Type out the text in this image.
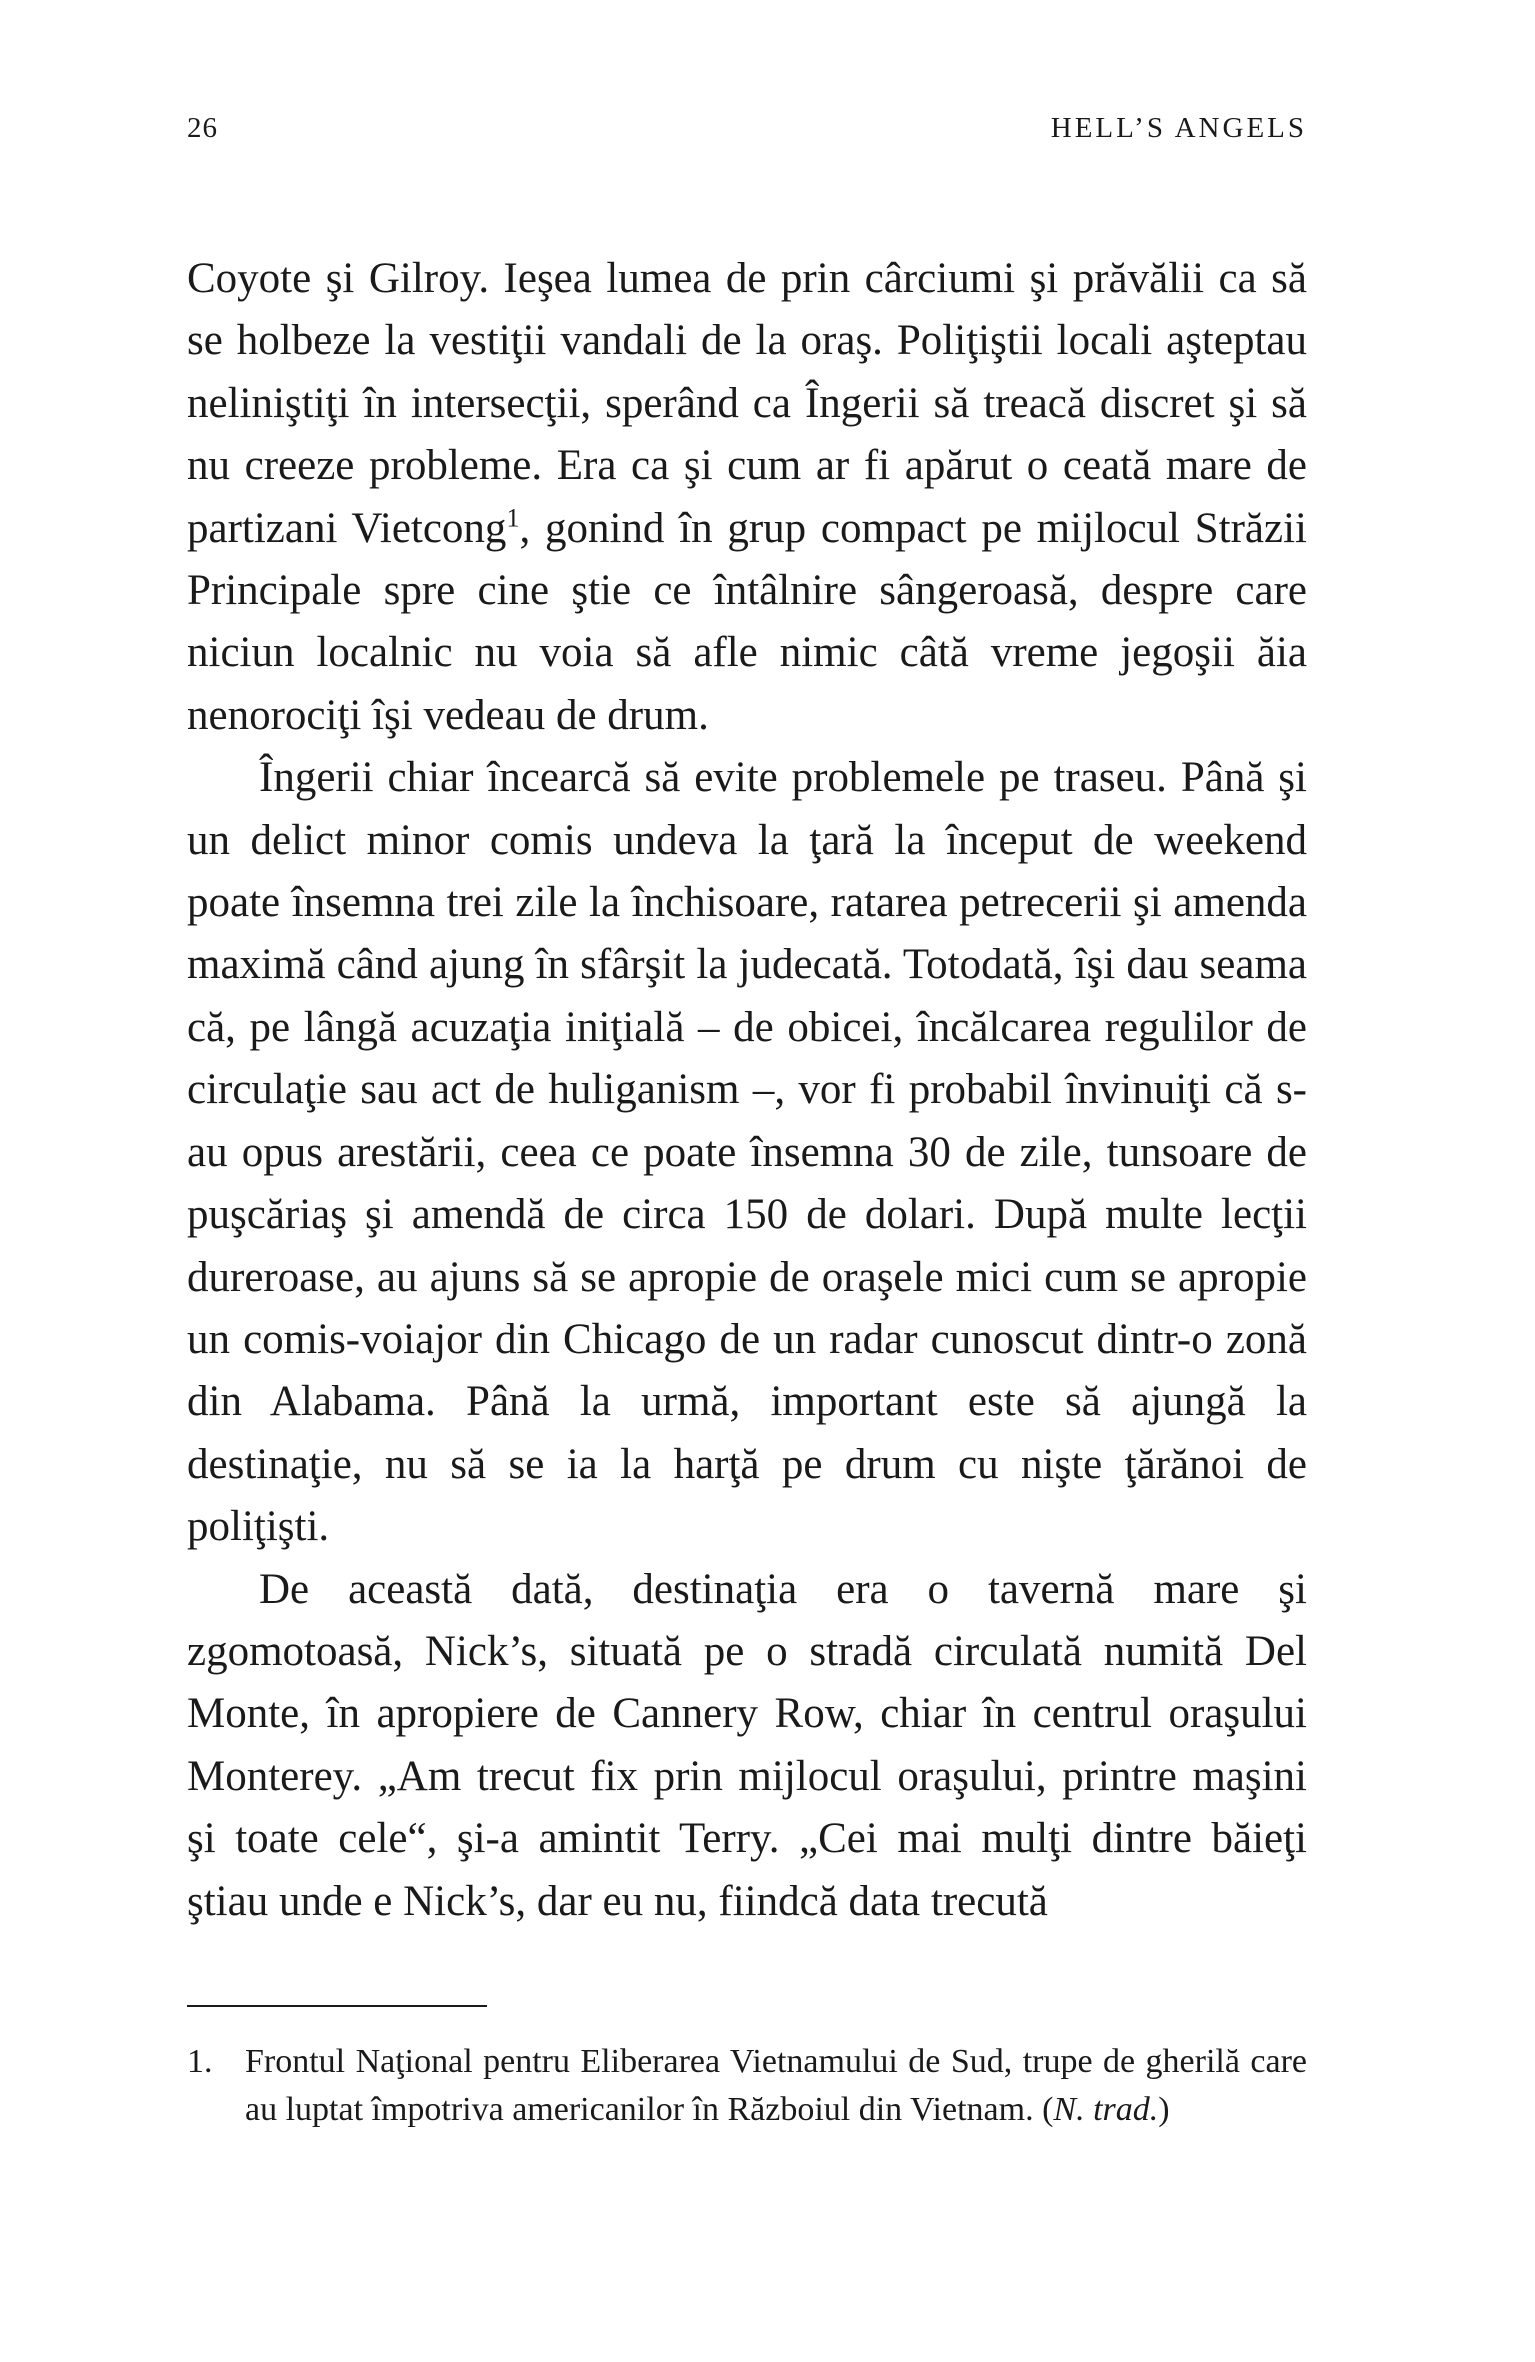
26	HELL’S ANGELS

Coyote şi Gilroy. Ieşea lumea de prin cârciumi şi prăvălii ca să se holbeze la vestiţii vandali de la oraş. Poliţiştii locali aşteptau neliniştiţi în intersecţii, sperând ca Îngerii să treacă discret şi să nu creeze probleme. Era ca şi cum ar fi apărut o ceată mare de partizani Vietcong$^1$, gonind în grup compact pe mijlocul Străzii Principale spre cine ştie ce întâlnire sângeroasă, despre care niciun localnic nu voia să afle nimic câtă vreme jegoşii ăia nenorociţi îşi vedeau de drum.

Îngerii chiar încearcă să evite problemele pe traseu. Până şi un delict minor comis undeva la ţară la început de weekend poate însemna trei zile la închisoare, ratarea petrecerii şi amenda maximă când ajung în sfârşit la judecată. Totodată, îşi dau seama că, pe lângă acuzaţia iniţială – de obicei, încălcarea regulilor de circulaţie sau act de huliganism –, vor fi probabil învinuiţi că s-au opus arestării, ceea ce poate însemna 30 de zile, tunsoare de puşcăriaş şi amendă de circa 150 de dolari. După multe lecţii dureroase, au ajuns să se apropie de oraşele mici cum se apropie un comis-voiajor din Chicago de un radar cunoscut dintr-o zonă din Alabama. Până la urmă, important este să ajungă la destinaţie, nu să se ia la harţă pe drum cu nişte ţărănoi de poliţişti.

De această dată, destinaţia era o tavernă mare şi zgomotoasă, Nick’s, situată pe o stradă circulată numită Del Monte, în apropiere de Cannery Row, chiar în centrul oraşului Monterey. „Am trecut fix prin mijlocul oraşului, printre maşini şi toate cele“, şi-a amintit Terry. „Cei mai mulţi dintre băieţi ştiau unde e Nick’s, dar eu nu, fiindcă data trecută

1. Frontul Naţional pentru Eliberarea Vietnamului de Sud, trupe de gherilă care au luptat împotriva americanilor în Războiul din Vietnam. (N. trad.)
